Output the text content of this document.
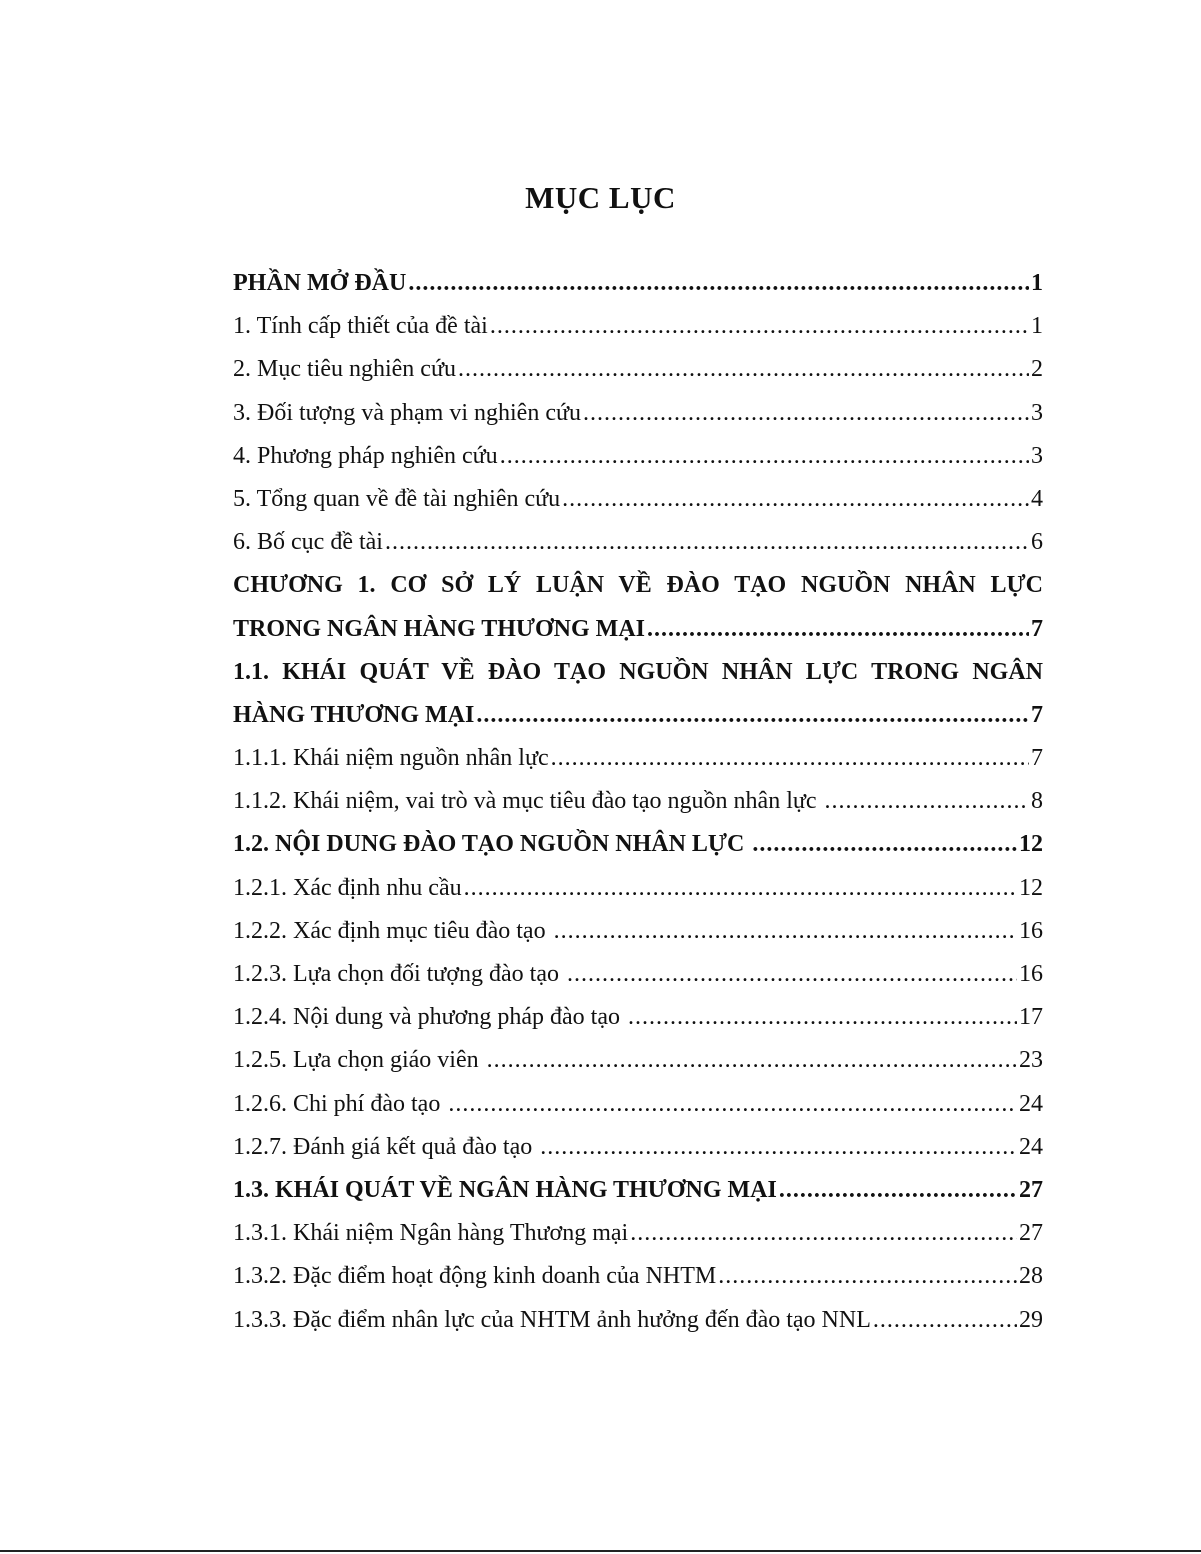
MỤC LỤC
PHẦN MỞ ĐẦU .....	1
1. Tính cấp thiết của đề tài .....	1
2. Mục tiêu nghiên cứu .....	2
3. Đối tượng và phạm vi nghiên cứu .....	3
4. Phương pháp nghiên cứu .....	3
5. Tổng quan về đề tài nghiên cứu .....	4
6. Bố cục đề tài .....	6
CHƯƠNG 1. CƠ SỞ LÝ LUẬN VỀ ĐÀO TẠO NGUỒN NHÂN LỰC
TRONG NGÂN HÀNG THƯƠNG MẠI .....	7
1.1. KHÁI QUÁT VỀ ĐÀO TẠO NGUỒN NHÂN LỰC TRONG NGÂN
HÀNG THƯƠNG MẠI .....	7
1.1.1. Khái niệm nguồn nhân lực .....	7
1.1.2. Khái niệm, vai trò và mục tiêu đào tạo nguồn nhân lực .....	8
1.2. NỘI DUNG ĐÀO TẠO NGUỒN NHÂN LỰC .....	12
1.2.1. Xác định nhu cầu .....	12
1.2.2. Xác định mục tiêu đào tạo .....	16
1.2.3. Lựa chọn đối tượng đào tạo .....	16
1.2.4. Nội dung và phương pháp đào tạo .....	17
1.2.5. Lựa chọn giáo viên .....	23
1.2.6. Chi phí đào tạo .....	24
1.2.7. Đánh giá kết quả đào tạo .....	24
1.3. KHÁI QUÁT VỀ NGÂN HÀNG THƯƠNG MẠI .....	27
1.3.1. Khái niệm Ngân hàng Thương mại .....	27
1.3.2. Đặc điểm hoạt động kinh doanh của NHTM .....	28
1.3.3. Đặc điểm nhân lực của NHTM ảnh hưởng đến đào tạo NNL .....	29
